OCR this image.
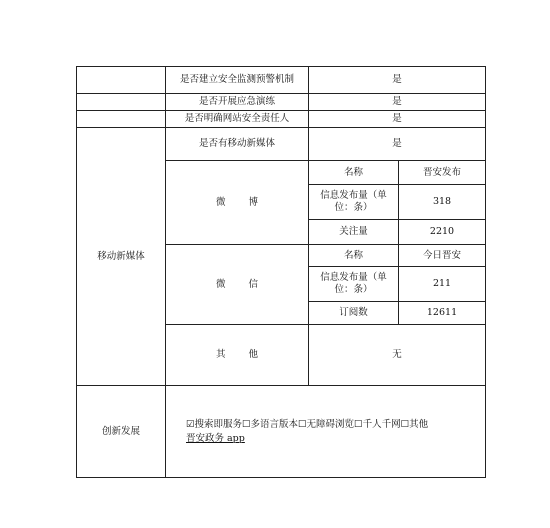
	是否建立安全监测预警机制	是	
	是否开展应急演练	是	
	是否明确网站安全责任人	是	
移动新媒体	是否有移动新媒体	是	
	微 博	名称	晋安发布
		信息发布量（单位：条）	318
		关注量	2210
	微 信	名称	今日晋安
		信息发布量（单位：条）	211
		订阅数	12611
	其 他	无	
创新发展	☑搜索即服务☐多语言版本☐无障碍浏览☐千人千网☐其他
晋安政务 app		
